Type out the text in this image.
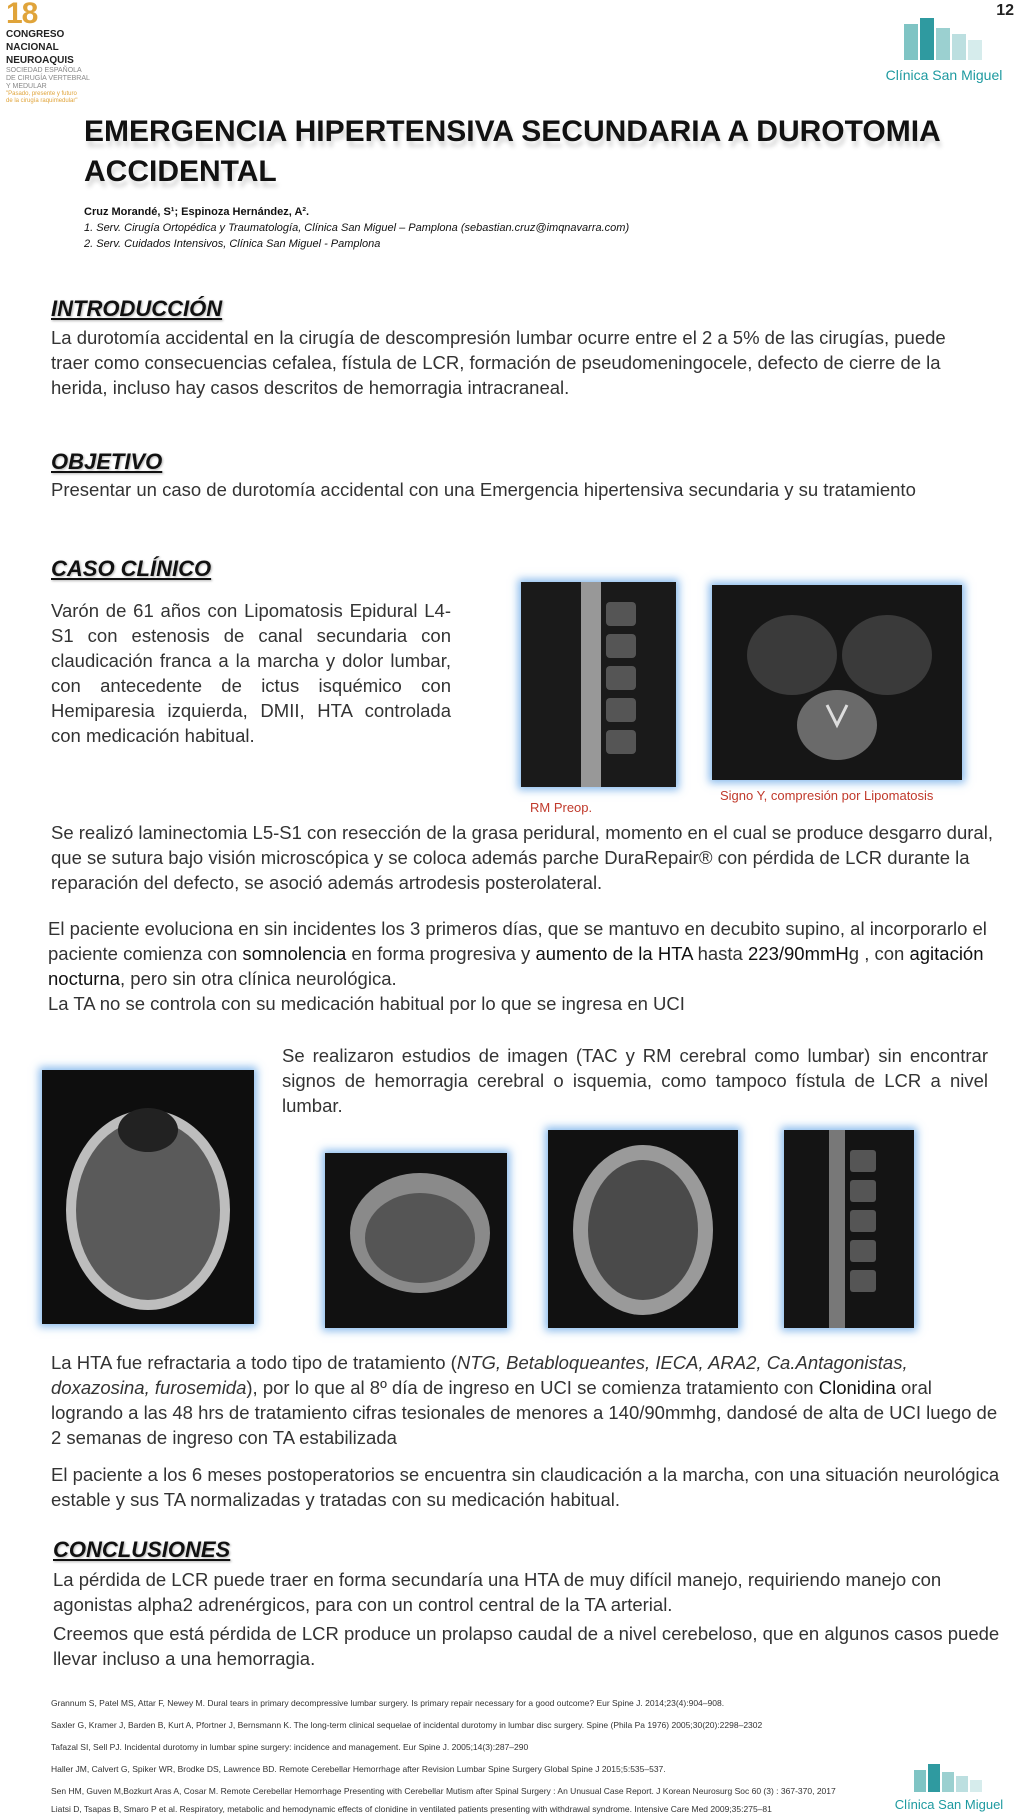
18
CONGRESO
NACIONAL
NEUROAQUIS
SOCIEDAD ESPAÑOLA
DE CIRUGÍA VERTEBRAL
Y MEDULAR
"Pasado, presente y futuro
de la cirugía raquimedular"
12
Clínica San Miguel
EMERGENCIA HIPERTENSIVA SECUNDARIA A DUROTOMIA ACCIDENTAL
Cruz Morandé, S¹; Espinoza Hernández, A².
1. Serv. Cirugía Ortopédica y Traumatología, Clínica San Miguel – Pamplona (sebastian.cruz@imqnavarra.com)
2. Serv. Cuidados Intensivos, Clínica San Miguel - Pamplona
INTRODUCCIÓN
La durotomía accidental en la cirugía de descompresión lumbar ocurre entre el 2 a 5% de las cirugías, puede traer como consecuencias cefalea, fístula de LCR, formación de pseudomeningocele, defecto de cierre de la herida, incluso hay casos descritos de hemorragia intracraneal.
OBJETIVO
Presentar un caso de durotomía accidental con una Emergencia hipertensiva secundaria y su tratamiento
CASO CLÍNICO
Varón de 61 años con Lipomatosis Epidural L4-S1 con estenosis de canal secundaria con claudicación franca a la marcha y dolor lumbar, con antecedente de ictus isquémico con Hemiparesia izquierda, DMII, HTA controlada con medicación habitual.
RM Preop.
Signo Y, compresión por Lipomatosis
Se realizó laminectomia L5-S1 con resección de la grasa peridural, momento en el cual se produce desgarro dural, que se sutura bajo visión microscópica y se coloca además parche DuraRepair® con pérdida de LCR durante la reparación del defecto, se asoció además artrodesis posterolateral.
El paciente evoluciona en sin incidentes los 3 primeros días, que se mantuvo en decubito supino, al incorporarlo el paciente comienza con somnolencia en forma progresiva y aumento de la HTA hasta 223/90mmHg , con agitación nocturna, pero sin otra clínica neurológica.
La TA no se controla con su medicación habitual por lo que se ingresa en UCI
Se realizaron estudios de imagen (TAC y RM cerebral como lumbar) sin encontrar signos de hemorragia cerebral o isquemia, como tampoco fístula de LCR a nivel lumbar.
La HTA fue refractaria a todo tipo de tratamiento (NTG, Betabloqueantes, IECA, ARA2, Ca.Antagonistas, doxazosina, furosemida), por lo que al 8º día de ingreso en UCI se comienza tratamiento con Clonidina oral logrando a las 48 hrs de tratamiento cifras tesionales de menores a 140/90mmhg, dandosé de alta de UCI luego de 2 semanas de ingreso con TA estabilizada
El paciente a los 6 meses postoperatorios se encuentra sin claudicación a la marcha, con una situación neurológica estable y sus TA normalizadas y tratadas con su medicación habitual.
CONCLUSIONES
La pérdida de LCR puede traer en forma secundaría una HTA de muy difícil manejo, requiriendo manejo con agonistas alpha2 adrenérgicos, para con un control central de la TA arterial.
Creemos que está pérdida de LCR produce un prolapso caudal de a nivel cerebeloso, que en algunos casos puede llevar incluso a una hemorragia.
Grannum S, Patel MS, Attar F, Newey M. Dural tears in primary decompressive lumbar surgery. Is primary repair necessary for a good outcome? Eur Spine J. 2014;23(4):904–908.
Saxler G, Kramer J, Barden B, Kurt A, Pfortner J, Bernsmann K. The long-term clinical sequelae of incidental durotomy in lumbar disc surgery. Spine (Phila Pa 1976) 2005;30(20):2298–2302
Tafazal SI, Sell PJ. Incidental durotomy in lumbar spine surgery: incidence and management. Eur Spine J. 2005;14(3):287–290
Haller JM, Calvert G, Spiker WR, Brodke DS, Lawrence BD. Remote Cerebellar Hemorrhage after Revision Lumbar Spine Surgery Global Spine J 2015;5:535–537.
Sen HM, Guven M,Bozkurt Aras A, Cosar M. Remote Cerebellar Hemorrhage Presenting with Cerebellar Mutism after Spinal Surgery : An Unusual Case Report. J Korean Neurosurg Soc 60 (3) : 367-370, 2017
Liatsi D, Tsapas B, Smaro P et al. Respiratory, metabolic and hemodynamic effects of clonidine in ventilated patients presenting with withdrawal syndrome. Intensive Care Med 2009;35:275–81	Clínica San Miguel
